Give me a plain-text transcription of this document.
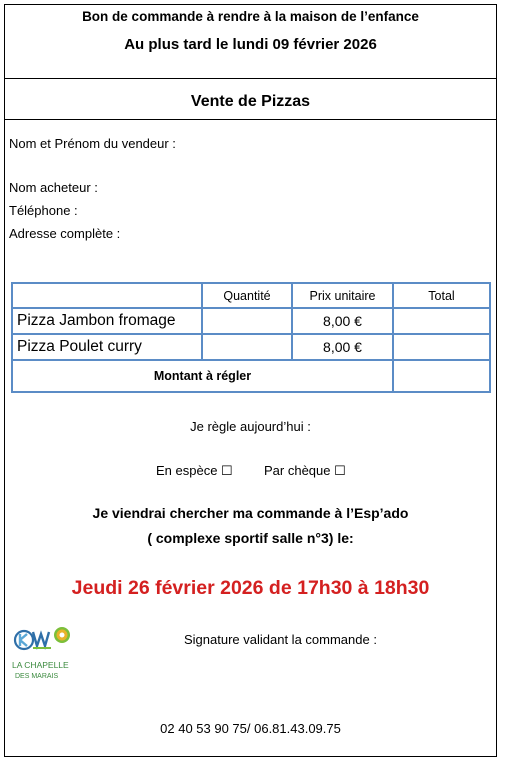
Bon de commande à rendre à la maison de l’enfance
Au plus tard le lundi 09 février 2026
Vente de Pizzas
Nom et Prénom du vendeur :
Nom acheteur :
Téléphone :
Adresse complète :
	Quantité	Prix unitaire	Total
Pizza Jambon fromage		8,00 €	
Pizza Poulet curry		8,00 €	
Montant à régler			
Je règle aujourd’hui :
En espèce ☐ Par chèque ☐
Je viendrai chercher ma commande à l’Esp’ado
( complexe sportif salle n°3) le:
Jeudi 26 février 2026 de 17h30 à 18h30
LA CHAPELLE
DES MARAIS
Signature validant la commande :
02 40 53 90 75/ 06.81.43.09.75
